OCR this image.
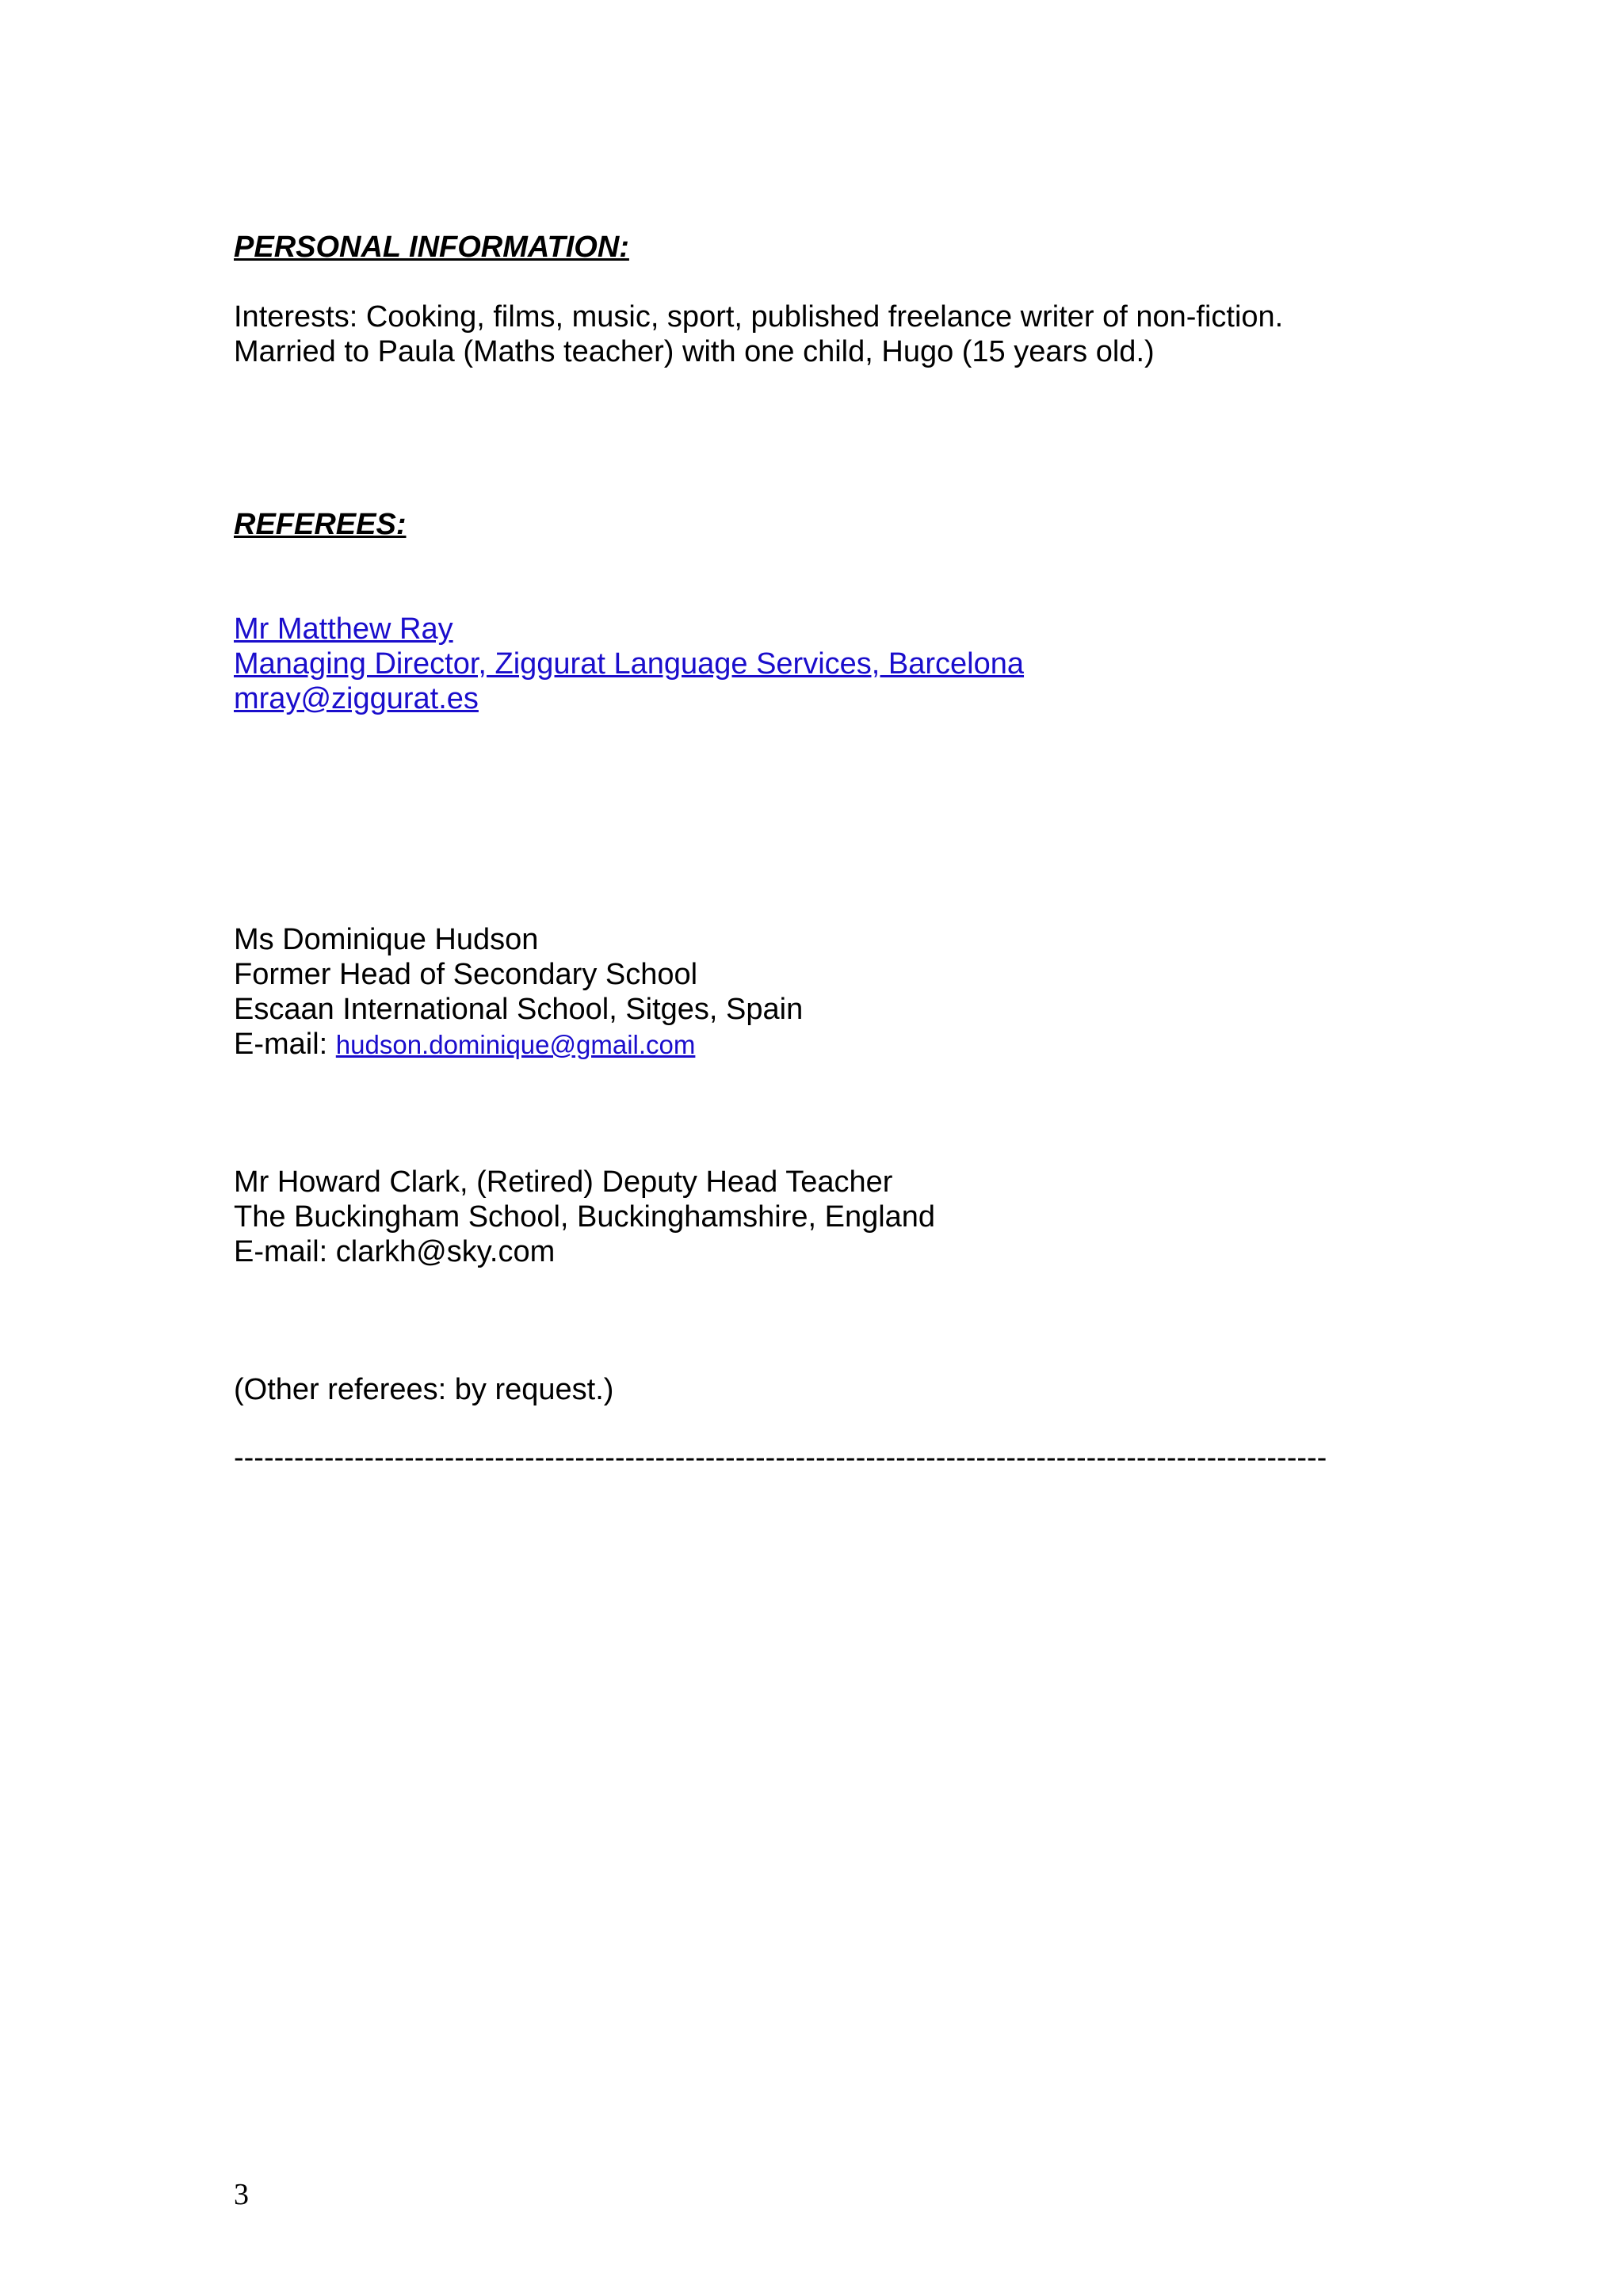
PERSONAL INFORMATION:

Interests: Cooking, films, music, sport, published freelance writer of non-fiction.

Married to Paula (Maths teacher) with one child, Hugo (15 years old.)

REFEREES:

Mr Matthew Ray

Managing Director, Ziggurat Language Services, Barcelona

mray@ziggurat.es

Ms Dominique Hudson

Former Head of Secondary School

Escaan International School, Sitges, Spain

E-mail: hudson.dominique@gmail.com

Mr Howard Clark, (Retired) Deputy Head Teacher

The Buckingham School, Buckinghamshire, England

E-mail: clarkh@sky.com

(Other referees: by request.)

-------------------------------------------------------------------------------------------------------------

3
